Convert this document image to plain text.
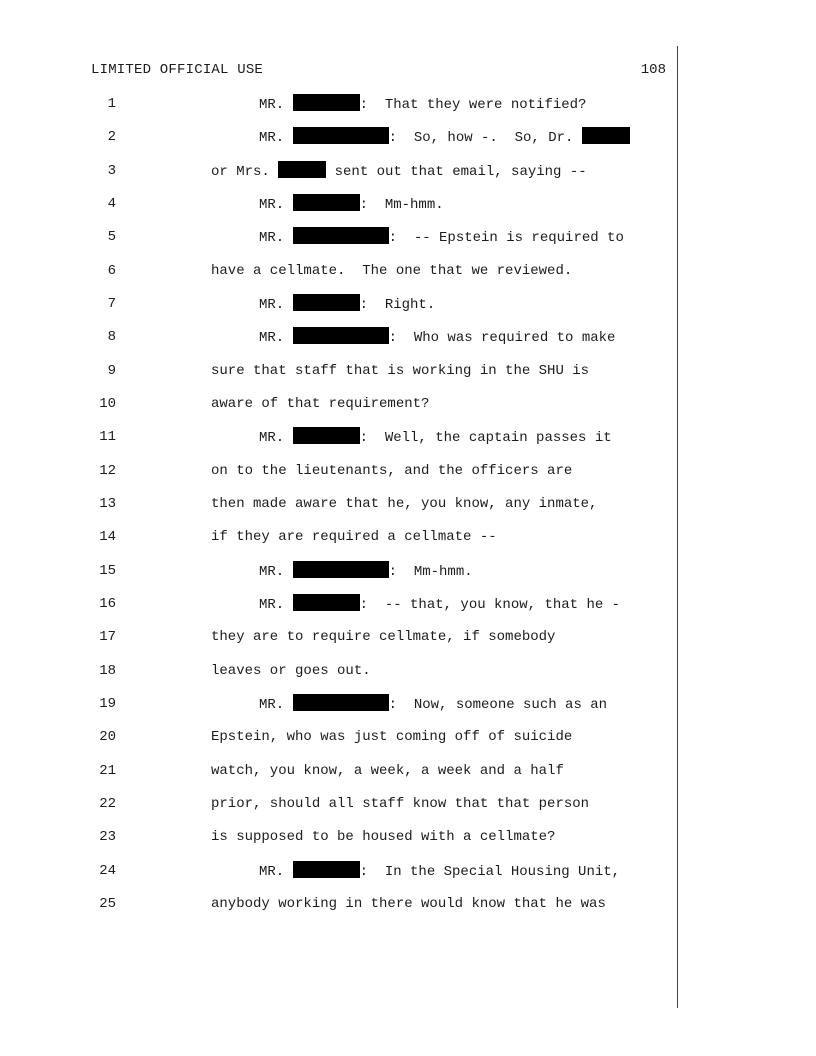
LIMITED OFFICIAL USE	108
1	MR.	:  That they were notified?
2	MR.	:  So, how -.  So, Dr.
3	or Mrs.	sent out that email, saying --
4	MR.	:  Mm-hmm.
5	MR.	:  -- Epstein is required to
6	have a cellmate.  The one that we reviewed.
7	MR.	:  Right.
8	MR.	:  Who was required to make
9	sure that staff that is working in the SHU is
10	aware of that requirement?
11	MR.	:  Well, the captain passes it
12	on to the lieutenants, and the officers are
13	then made aware that he, you know, any inmate,
14	if they are required a cellmate --
15	MR.	:  Mm-hmm.
16	MR.	:  -- that, you know, that he -
17	they are to require cellmate, if somebody
18	leaves or goes out.
19	MR.	:  Now, someone such as an
20	Epstein, who was just coming off of suicide
21	watch, you know, a week, a week and a half
22	prior, should all staff know that that person
23	is supposed to be housed with a cellmate?
24	MR.	:  In the Special Housing Unit,
25	anybody working in there would know that he was
